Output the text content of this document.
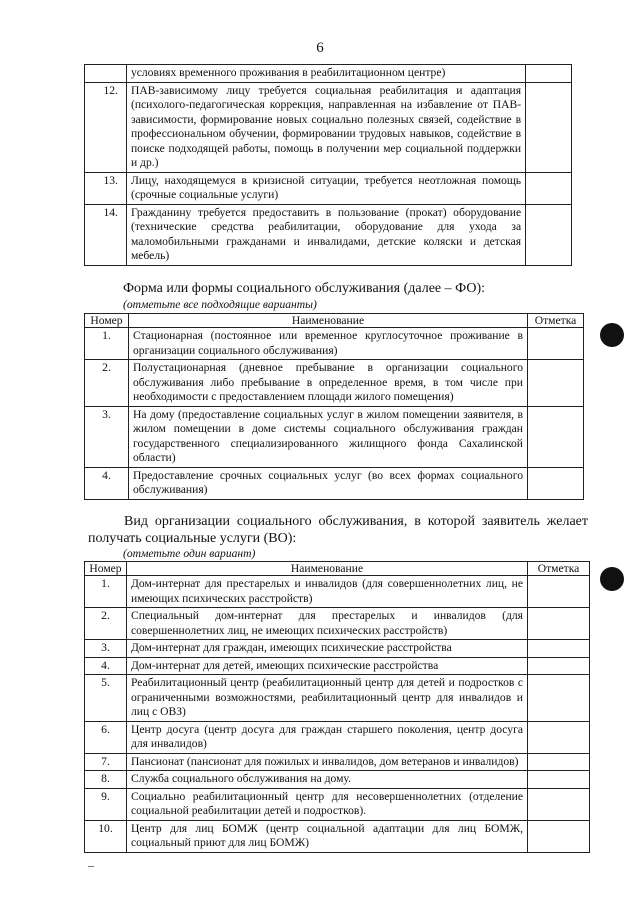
6
	условиях временного проживания в реабилитационном центре)	
12.	ПАВ-зависимому лицу требуется социальная реабилитация и адаптация (психолого-педагогическая коррекция, направленная на избавление от ПАВ-зависимости, формирование новых социально полезных связей, содействие в профессиональном обучении, формировании трудовых навыков, содействие в поиске подходящей работы, помощь в получении мер социальной поддержки и др.)	
13.	Лицу, находящемуся в кризисной ситуации, требуется неотложная помощь (срочные социальные услуги)	
14.	Гражданину требуется предоставить в пользование (прокат) оборудование (технические средства реабилитации, оборудование для ухода за маломобильными гражданами и инвалидами, детские коляски и детская мебель)	
Форма или формы социального обслуживания (далее – ФО):
(отметьте все подходящие варианты)
Номер	Наименование	Отметка
1.	Стационарная (постоянное или временное круглосуточное проживание в организации социального обслуживания)	
2.	Полустационарная (дневное пребывание в организации социального обслуживания либо пребывание в определенное время, в том числе при необходимости с предоставлением площади жилого помещения)	
3.	На дому (предоставление социальных услуг в жилом помещении заявителя, в жилом помещении в доме системы социального обслуживания граждан государственного специализированного жилищного фонда Сахалинской области)	
4.	Предоставление срочных социальных услуг (во всех формах социального обслуживания)	
Вид организации социального обслуживания, в которой заявитель желает получать социальные услуги (ВО):
(отметьте один вариант)
Номер	Наименование	Отметка
1.	Дом-интернат для престарелых и инвалидов (для совершеннолетних лиц, не имеющих психических расстройств)	
2.	Специальный дом-интернат для престарелых и инвалидов (для совершеннолетних лиц, не имеющих психических расстройств)	
3.	Дом-интернат для граждан, имеющих психические расстройства	
4.	Дом-интернат для детей, имеющих психические расстройства	
5.	Реабилитационный центр (реабилитационный центр для детей и подростков с ограниченными возможностями, реабилитационный центр для инвалидов и лиц с ОВЗ)	
6.	Центр досуга (центр досуга для граждан старшего поколения, центр досуга для инвалидов)	
7.	Пансионат (пансионат для пожилых и инвалидов, дом ветеранов и инвалидов)	
8.	Служба социального обслуживания на дому.	
9.	Социально реабилитационный центр для несовершеннолетних (отделение социальной реабилитации детей и подростков).	
10.	Центр для лиц БОМЖ (центр социальной адаптации для лиц БОМЖ, социальный приют для лиц БОМЖ)	
